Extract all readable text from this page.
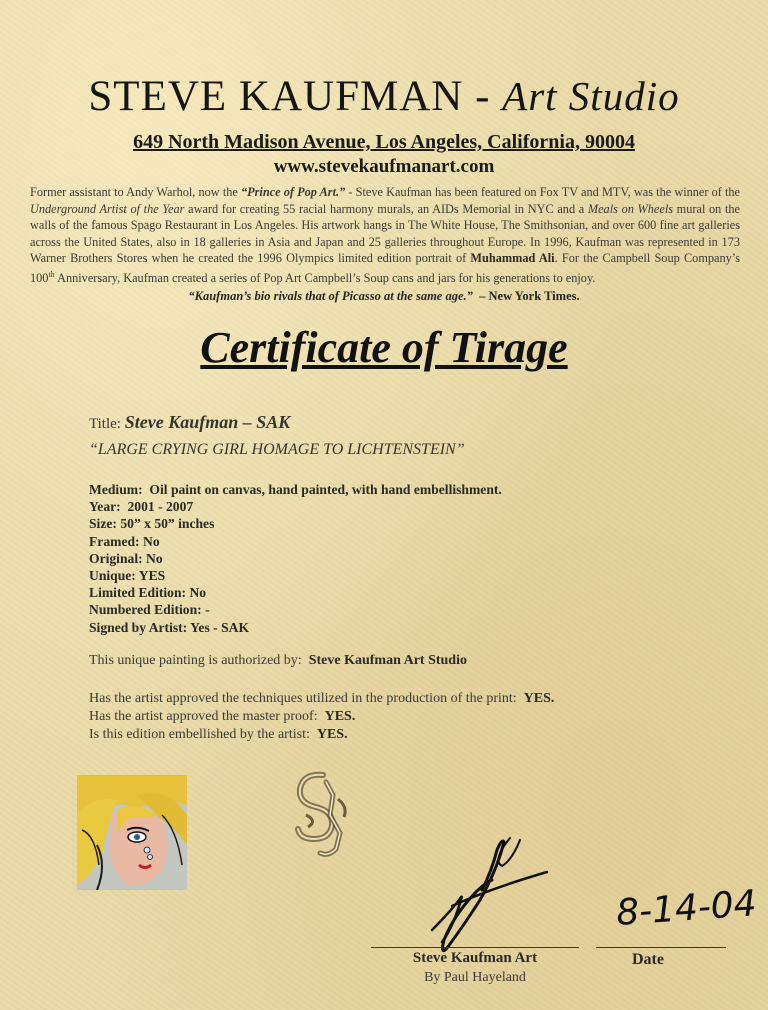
STEVE KAUFMAN - Art Studio
649 North Madison Avenue, Los Angeles, California, 90004
www.stevekaufmanart.com
Former assistant to Andy Warhol, now the “Prince of Pop Art.” - Steve Kaufman has been featured on Fox TV and MTV, was the winner of the Underground Artist of the Year award for creating 55 racial harmony murals, an AIDs Memorial in NYC and a Meals on Wheels mural on the walls of the famous Spago Restaurant in Los Angeles. His artwork hangs in The White House, The Smithsonian, and over 600 fine art galleries across the United States, also in 18 galleries in Asia and Japan and 25 galleries throughout Europe. In 1996, Kaufman was represented in 173 Warner Brothers Stores when he created the 1996 Olympics limited edition portrait of Muhammad Ali. For the Campbell Soup Company’s 100th Anniversary, Kaufman created a series of Pop Art Campbell’s Soup cans and jars for his generations to enjoy.
“Kaufman’s bio rivals that of Picasso at the same age.” – New York Times.
Certificate of Tirage
Title: Steve Kaufman – SAK
“LARGE CRYING GIRL HOMAGE TO LICHTENSTEIN”
Medium: Oil paint on canvas, hand painted, with hand embellishment.
Year: 2001 - 2007
Size: 50” x 50” inches
Framed: No
Original: No
Unique: YES
Limited Edition: No
Numbered Edition: -
Signed by Artist: Yes - SAK
This unique painting is authorized by: Steve Kaufman Art Studio
Has the artist approved the techniques utilized in the production of the print: YES.
Has the artist approved the master proof: YES.
Is this edition embellished by the artist: YES.
8-14-04
Steve Kaufman Art
By Paul Hayeland
Date
